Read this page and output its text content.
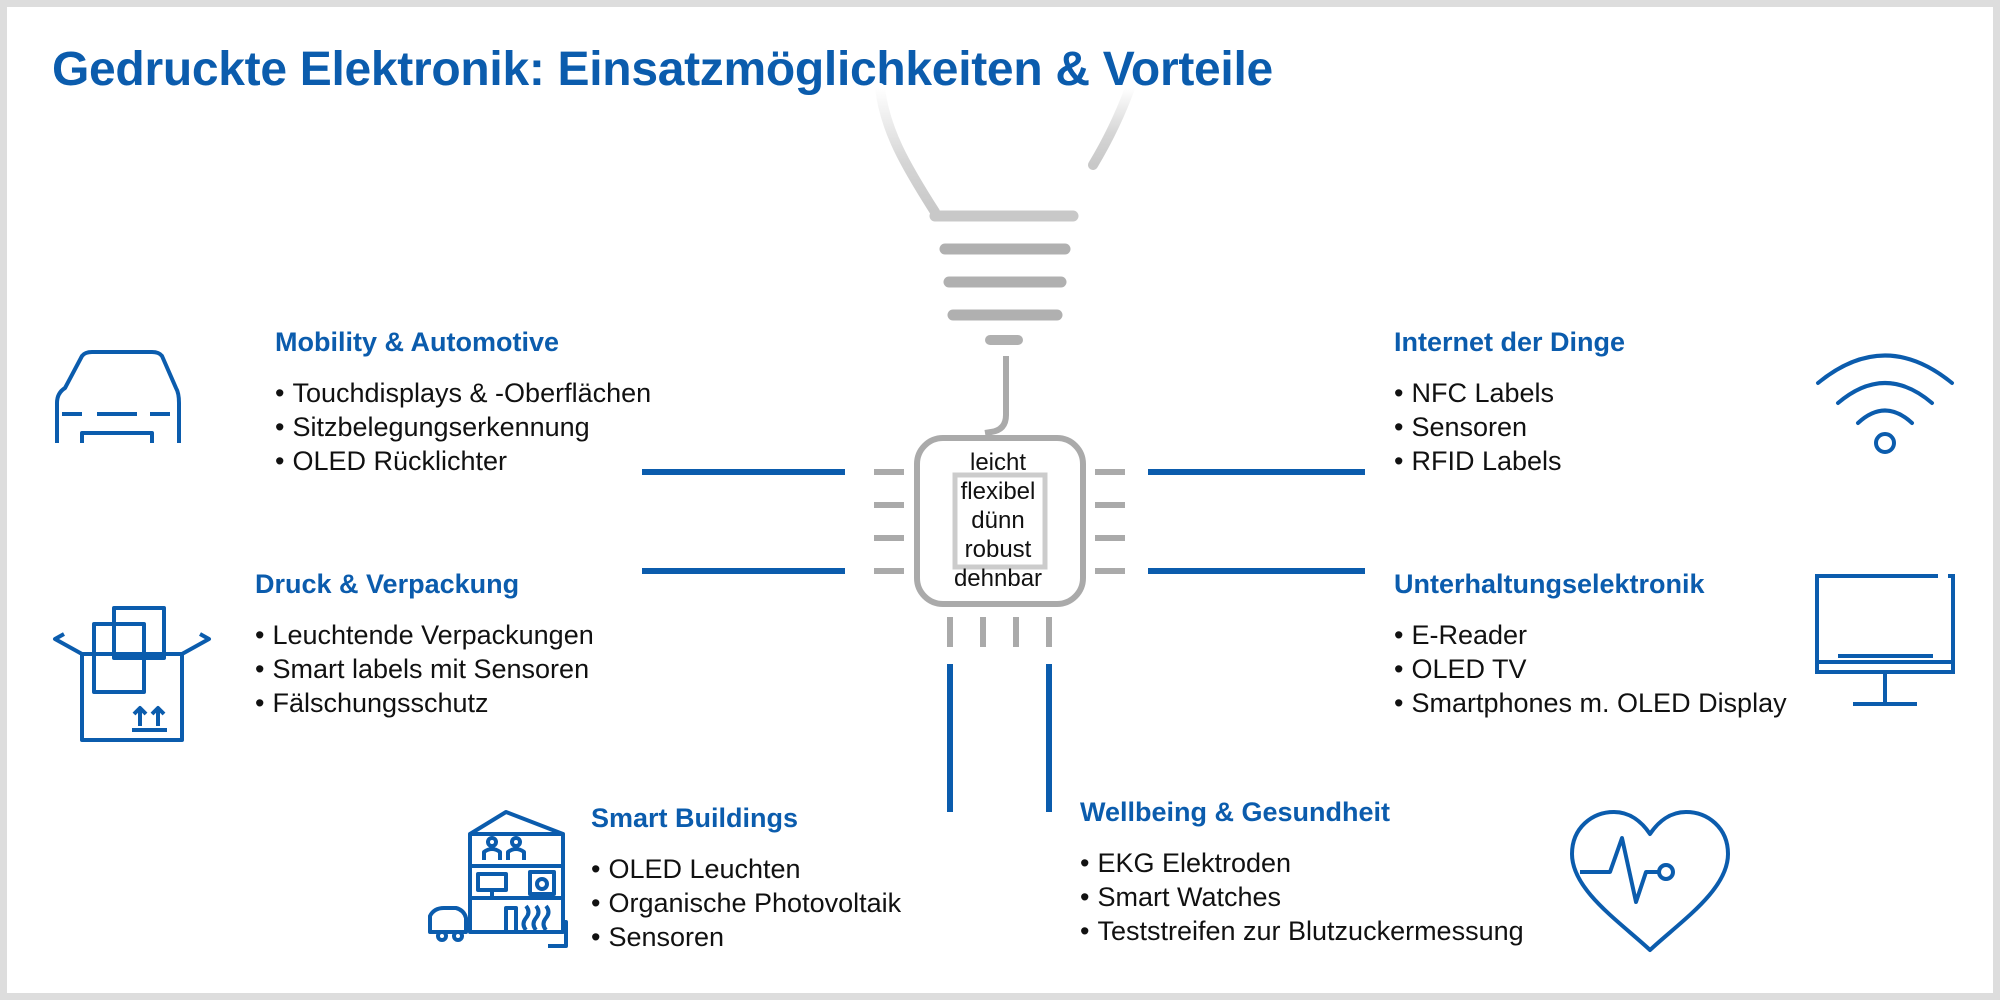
Gedruckte Elektronik: Einsatzmöglichkeiten & Vorteile
leicht
flexibel
dünn
robust
dehnbar
Mobility & Automotive
• Touchdisplays & -Oberflächen
• Sitzbelegungserkennung
• OLED Rücklichter
Druck & Verpackung
• Leuchtende Verpackungen
• Smart labels mit Sensoren
• Fälschungsschutz
Internet der Dinge
• NFC Labels
• Sensoren
• RFID Labels
Unterhaltungselektronik
• E-Reader
• OLED TV
• Smartphones m. OLED Display
Smart Buildings
• OLED Leuchten
• Organische Photovoltaik
• Sensoren
Wellbeing & Gesundheit
• EKG Elektroden
• Smart Watches
• Teststreifen zur Blutzuckermessung
